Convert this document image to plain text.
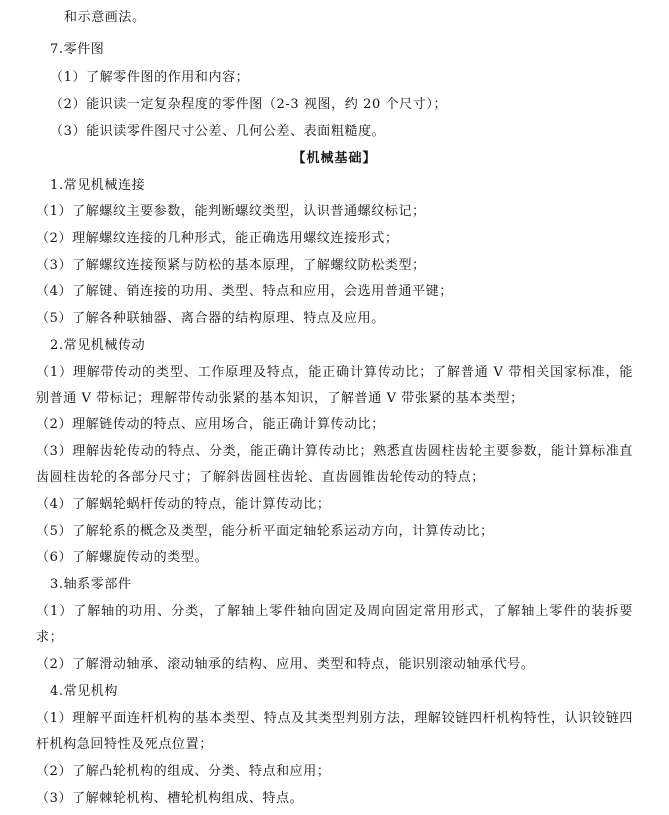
和示意画法。
7.零件图
（1）了解零件图的作用和内容；
（2）能识读一定复杂程度的零件图（2-3 视图，约 20 个尺寸）；
（3）能识读零件图尺寸公差、几何公差、表面粗糙度。
【机械基础】
1.常见机械连接
（1）了解螺纹主要参数，能判断螺纹类型，认识普通螺纹标记；
（2）理解螺纹连接的几种形式，能正确选用螺纹连接形式；
（3）了解螺纹连接预紧与防松的基本原理，了解螺纹防松类型；
（4）了解键、销连接的功用、类型、特点和应用，会选用普通平键；
（5）了解各种联轴器、离合器的结构原理、特点及应用。
2.常见机械传动
（1）理解带传动的类型、工作原理及特点，能正确计算传动比；了解普通 V 带相关国家标准，能
别普通 V 带标记；理解带传动张紧的基本知识，了解普通 V 带张紧的基本类型；
（2）理解链传动的特点、应用场合，能正确计算传动比；
（3）理解齿轮传动的特点、分类，能正确计算传动比；熟悉直齿圆柱齿轮主要参数，能计算标准直
齿圆柱齿轮的各部分尺寸；了解斜齿圆柱齿轮、直齿圆锥齿轮传动的特点；
（4）了解蜗轮蜗杆传动的特点，能计算传动比；
（5）了解轮系的概念及类型，能分析平面定轴轮系运动方向，计算传动比；
（6）了解螺旋传动的类型。
3.轴系零部件
（1）了解轴的功用、分类，了解轴上零件轴向固定及周向固定常用形式，了解轴上零件的装拆要
求；
（2）了解滑动轴承、滚动轴承的结构、应用、类型和特点，能识别滚动轴承代号。
4.常见机构
（1）理解平面连杆机构的基本类型、特点及其类型判别方法，理解铰链四杆机构特性，认识铰链四
杆机构急回特性及死点位置；
（2）了解凸轮机构的组成、分类、特点和应用；
（3）了解棘轮机构、槽轮机构组成、特点。
